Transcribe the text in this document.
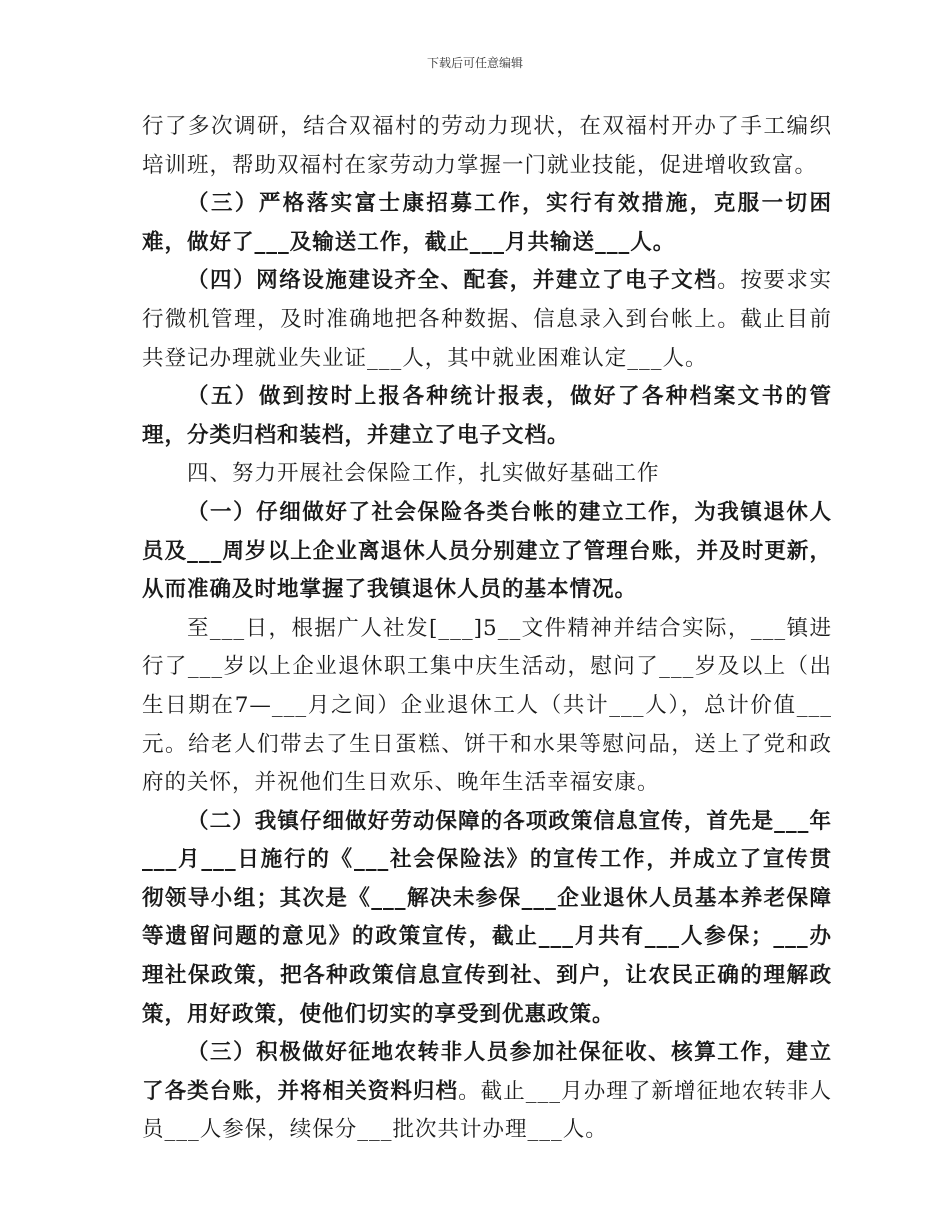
下载后可任意编辑

行了多次调研，结合双福村的劳动力现状，在双福村开办了手工编织培训班，帮助双福村在家劳动力掌握一门就业技能，促进增收致富。

（三）严格落实富士康招募工作，实行有效措施，克服一切困难，做好了___及输送工作，截止___月共输送___人。

（四）网络设施建设齐全、配套，并建立了电子文档。按要求实行微机管理，及时准确地把各种数据、信息录入到台帐上。截止目前共登记办理就业失业证___人，其中就业困难认定___人。

（五）做到按时上报各种统计报表，做好了各种档案文书的管理，分类归档和装档，并建立了电子文档。

四、努力开展社会保险工作，扎实做好基础工作

（一）仔细做好了社会保险各类台帐的建立工作，为我镇退休人员及___周岁以上企业离退休人员分别建立了管理台账，并及时更新，从而准确及时地掌握了我镇退休人员的基本情况。

至___日，根据广人社发[___]5__文件精神并结合实际，___镇进行了___岁以上企业退休职工集中庆生活动，慰问了___岁及以上（出生日期在7—___月之间）企业退休工人（共计___人），总计价值___元。给老人们带去了生日蛋糕、饼干和水果等慰问品，送上了党和政府的关怀，并祝他们生日欢乐、晚年生活幸福安康。

（二）我镇仔细做好劳动保障的各项政策信息宣传，首先是___年___月___日施行的《___社会保险法》的宣传工作，并成立了宣传贯彻领导小组；其次是《___解决未参保___企业退休人员基本养老保障等遗留问题的意见》的政策宣传，截止___月共有___人参保；___办理社保政策，把各种政策信息宣传到社、到户，让农民正确的理解政策，用好政策，使他们切实的享受到优惠政策。

（三）积极做好征地农转非人员参加社保征收、核算工作，建立了各类台账，并将相关资料归档。截止___月办理了新增征地农转非人员___人参保，续保分___批次共计办理___人。
